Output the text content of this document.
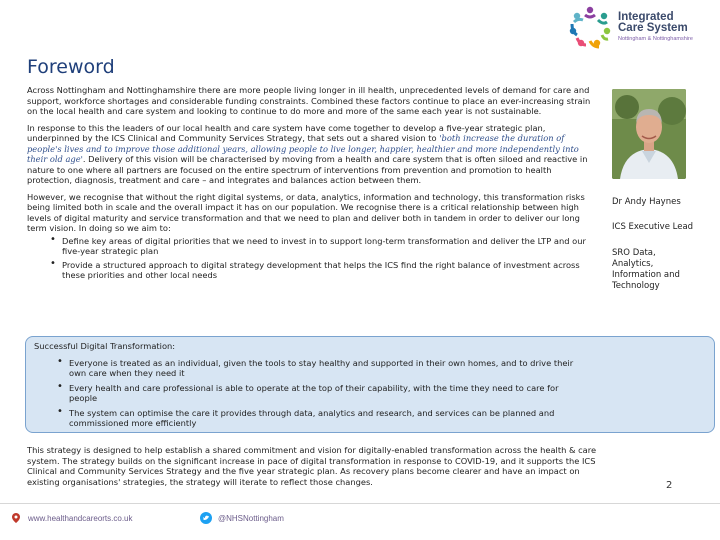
Integrated
Care System
Nottingham & Nottinghamshire
Foreword

Across Nottingham and Nottinghamshire there are more people living longer in ill health, unprecedented levels of demand for care and support, workforce shortages and considerable funding constraints. Combined these factors continue to place an ever-increasing strain on the local health and care system and looking to continue to do more and more of the same each year is not sustainable.

In response to this the leaders of our local health and care system have come together to develop a five-year strategic plan, underpinned by the ICS Clinical and Community Services Strategy, that sets out a shared vision to 'both increase the duration of people's lives and to improve those additional years, allowing people to live longer, happier, healthier and more independently into their old age'. Delivery of this vision will be characterised by moving from a health and care system that is often siloed and reactive in nature to one where all partners are focused on the entire spectrum of interventions from prevention and promotion to health protection, diagnosis, treatment and care – and integrates and balances action between them.

However, we recognise that without the right digital systems, or data, analytics, information and technology, this transformation risks being limited both in scale and the overall impact it has on our population. We recognise there is a critical relationship between high levels of digital maturity and service transformation and that we need to plan and deliver both in tandem in order to deliver our long term vision. In doing so we aim to:

• Define key areas of digital priorities that we need to invest in to support long-term transformation and deliver the LTP and our five-year strategic plan
• Provide a structured approach to digital strategy development that helps the ICS find the right balance of investment across these priorities and other local needs
Dr Andy Haynes
ICS Executive Lead
SRO Data, Analytics, Information and Technology
Successful Digital Transformation:
• Everyone is treated as an individual, given the tools to stay healthy and supported in their own homes, and to drive their own care when they need it
• Every health and care professional is able to operate at the top of their capability, with the time they need to care for people
• The system can optimise the care it provides through data, analytics and research, and services can be planned and commissioned more efficiently

This strategy is designed to help establish a shared commitment and vision for digitally-enabled transformation across the health & care system. The strategy builds on the significant increase in pace of digital transformation in response to COVID-19, and it supports the ICS Clinical and Community Services Strategy and the five year strategic plan. As recovery plans become clearer and have an impact on existing organisations' strategies, the strategy will iterate to reflect those changes.	2
www.healthandcareorts.co.uk	@NHSNottingham
